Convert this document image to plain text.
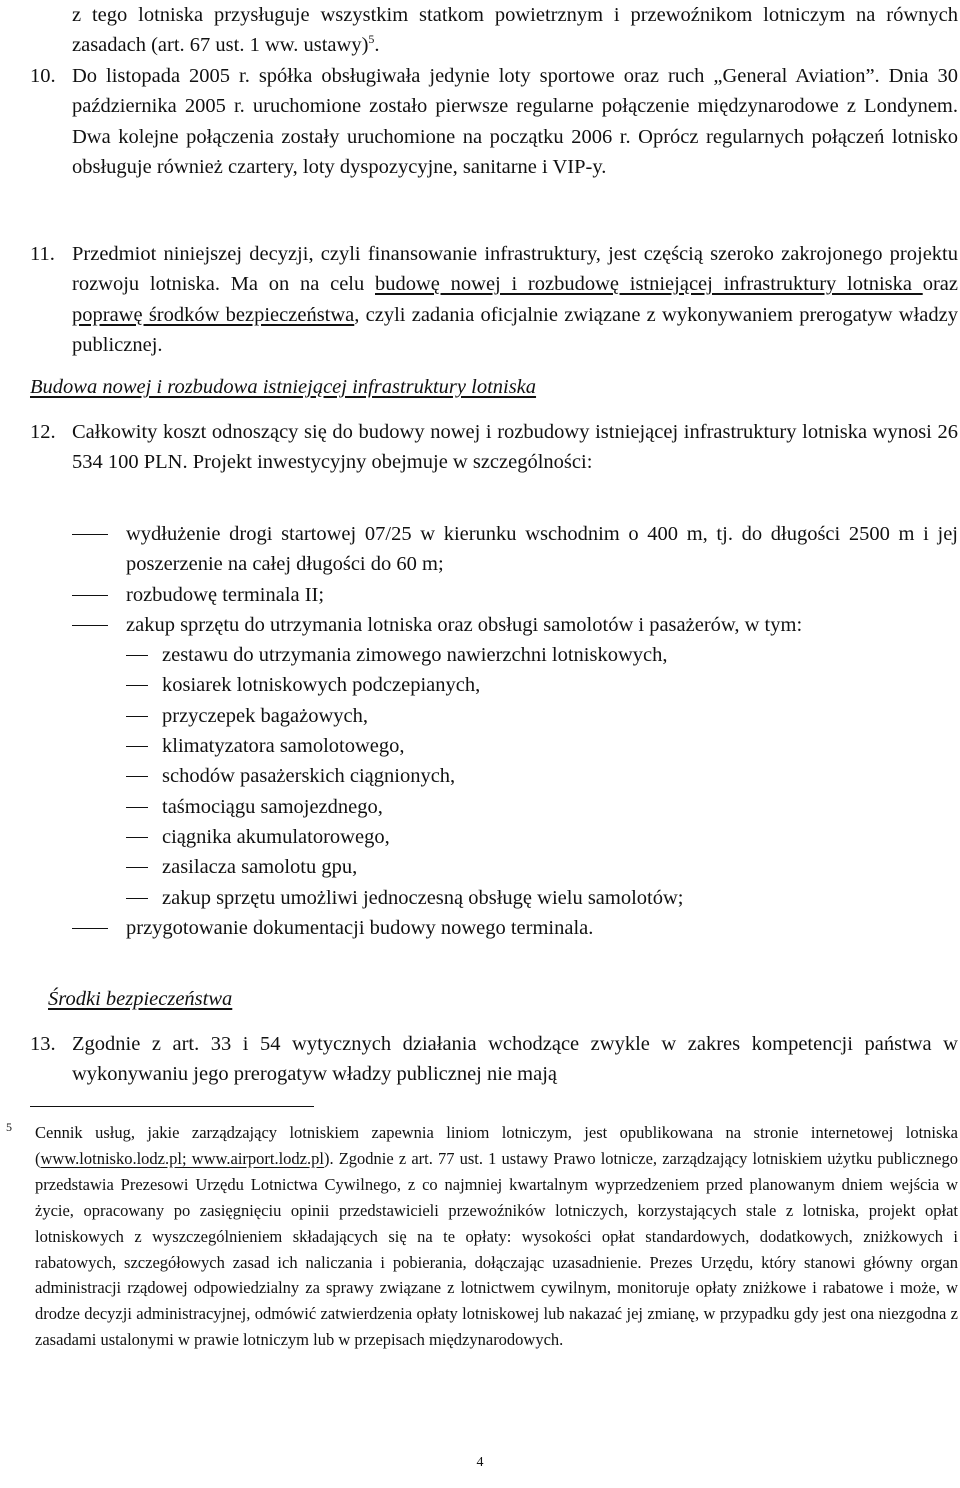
z tego lotniska przysługuje wszystkim statkom powietrznym i przewoźnikom lotniczym na równych zasadach (art. 67 ust. 1 ww. ustawy)$^5$.
10. Do listopada 2005 r. spółka obsługiwała jedynie loty sportowe oraz ruch „General Aviation”. Dnia 30 października 2005 r. uruchomione zostało pierwsze regularne połączenie międzynarodowe z Londynem. Dwa kolejne połączenia zostały uruchomione na początku 2006 r. Oprócz regularnych połączeń lotnisko obsługuje również czartery, loty dyspozycyjne, sanitarne i VIP-y.
11. Przedmiot niniejszej decyzji, czyli finansowanie infrastruktury, jest częścią szeroko zakrojonego projektu rozwoju lotniska. Ma on na celu budowę nowej i rozbudowę istniejącej infrastruktury lotniska oraz poprawę środków bezpieczeństwa, czyli zadania oficjalnie związane z wykonywaniem prerogatyw władzy publicznej.
Budowa nowej i rozbudowa istniejącej infrastruktury lotniska
12. Całkowity koszt odnoszący się do budowy nowej i rozbudowy istniejącej infrastruktury lotniska wynosi 26 534 100 PLN. Projekt inwestycyjny obejmuje w szczególności:
wydłużenie drogi startowej 07/25 w kierunku wschodnim o 400 m, tj. do długości 2500 m i jej poszerzenie na całej długości do 60 m;
rozbudowę terminala II;
zakup sprzętu do utrzymania lotniska oraz obsługi samolotów i pasażerów, w tym:
zestawu do utrzymania zimowego nawierzchni lotniskowych,
kosiarek lotniskowych podczepianych,
przyczepek bagażowych,
klimatyzatora samolotowego,
schodów pasażerskich ciągnionych,
taśmociągu samojezdnego,
ciągnika akumulatorowego,
zasilacza samolotu gpu,
zakup sprzętu umożliwi jednoczesną obsługę wielu samolotów;
przygotowanie dokumentacji budowy nowego terminala.
Środki bezpieczeństwa
13. Zgodnie z art. 33 i 54 wytycznych działania wchodzące zwykle w zakres kompetencji państwa w wykonywaniu jego prerogatyw władzy publicznej nie mają
5 Cennik usług, jakie zarządzający lotniskiem zapewnia liniom lotniczym, jest opublikowana na stronie internetowej lotniska (www.lotnisko.lodz.pl; www.airport.lodz.pl). Zgodnie z art. 77 ust. 1 ustawy Prawo lotnicze, zarządzający lotniskiem użytku publicznego przedstawia Prezesowi Urzędu Lotnictwa Cywilnego, z co najmniej kwartalnym wyprzedzeniem przed planowanym dniem wejścia w życie, opracowany po zasięgnięciu opinii przedstawicieli przewoźników lotniczych, korzystających stale z lotniska, projekt opłat lotniskowych z wyszczególnieniem składających się na te opłaty: wysokości opłat standardowych, dodatkowych, zniżkowych i rabatowych, szczegółowych zasad ich naliczania i pobierania, dołączając uzasadnienie. Prezes Urzędu, który stanowi główny organ administracji rządowej odpowiedzialny za sprawy związane z lotnictwem cywilnym, monitoruje opłaty zniżkowe i rabatowe i może, w drodze decyzji administracyjnej, odmówić zatwierdzenia opłaty lotniskowej lub nakazać jej zmianę, w przypadku gdy jest ona niezgodna z zasadami ustalonymi w prawie lotniczym lub w przepisach międzynarodowych.
4
